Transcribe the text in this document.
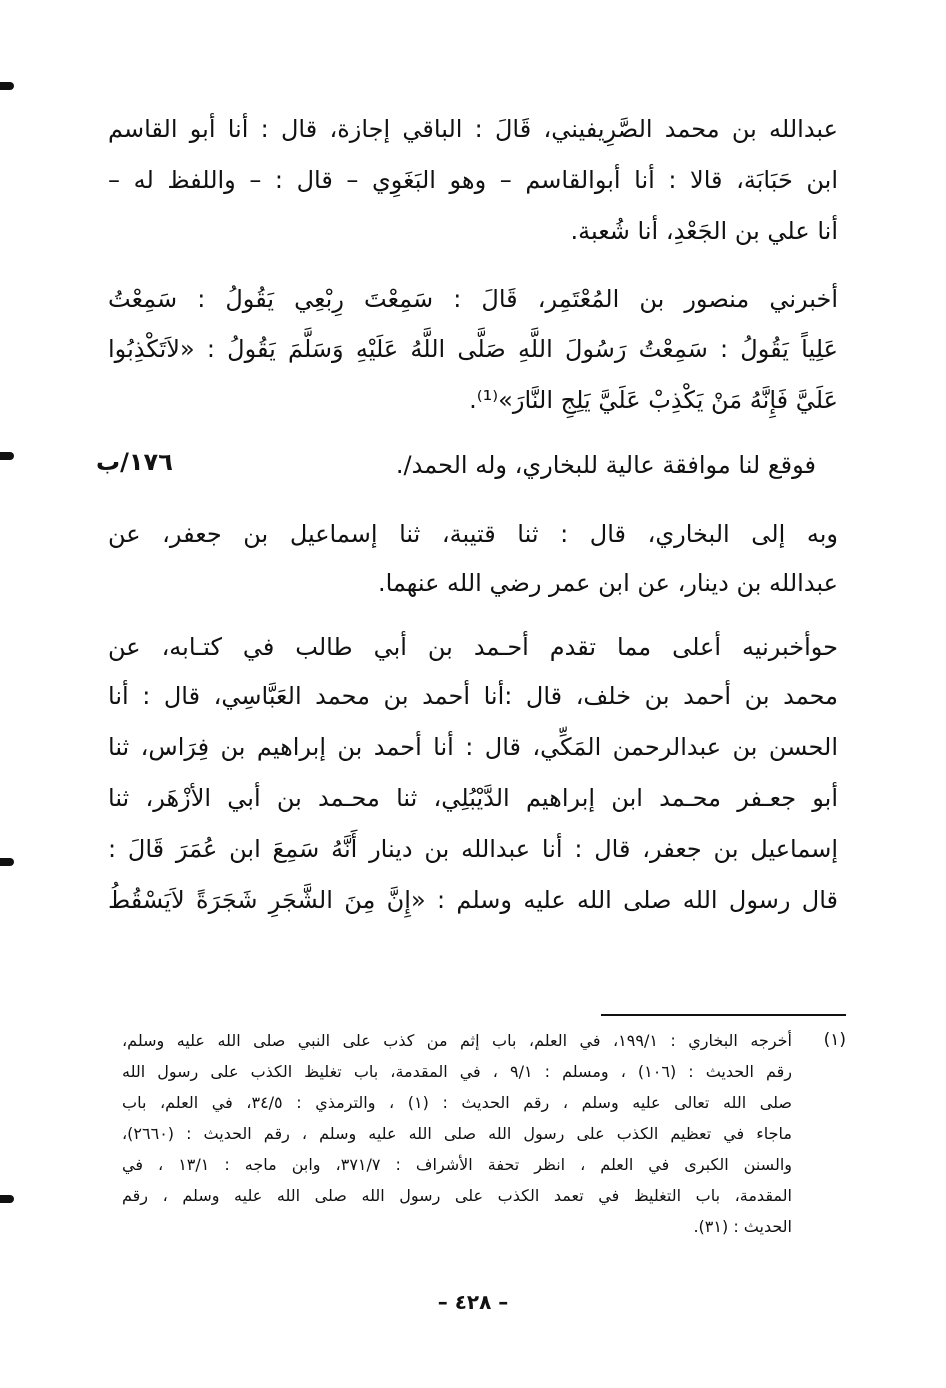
عبدالله بن محمد الصَّرِيفيني، قَالَ : الباقي إجازة، قال : أنا أبو القاسم
ابن حَبَابَة، قالا : أنا أبوالقاسم – وهو البَغَوِي – قال : – واللفظ له –
أنا علي بن الجَعْدِ، أنا شُعبة.
أخبرني منصور بن المُعْتَمِر، قَالَ : سَمِعْتَ رِبْعِي يَقُولُ : سَمِعْتُ
عَلِياً يَقُولُ : سَمِعْتُ رَسُولَ اللَّهِ صَلَّى اللَّهُ عَلَيْهِ وَسَلَّمَ يَقُولُ : «لاَتَكْذِبُوا
عَلَيَّ فَإِنَّهُ مَنْ يَكْذِبْ عَلَيَّ يَلِجِ النَّارَ»⁽¹⁾.
فوقع لنا موافقة عالية للبخاري، وله الحمد/.
١٧٦/ب
وبه إلى البخاري، قال : ثنا قتيبة، ثنا إسماعيل بن جعفر، عن
عبدالله بن دينار، عن ابن عمر رضي الله عنهما.
حوأخبرنيه أعلى مما تقدم أحـمد بن أبي طالب في كتـابه، عن
محمد بن أحمد بن خلف، قال :أنا أحمد بن محمد العَبَّاسِي، قال : أنا
الحسن بن عبدالرحمن المَكِّي، قال : أنا أحمد بن إبراهيم بن فِرَاس، ثنا
أبو جعـفر محـمد ابن إبراهيم الدَّيْبُلِي، ثنا محـمد بن أبي الأزْهَر، ثنا
إسماعيل بن جعفر، قال : أنا عبدالله بن دينار أَنَّهُ سَمِعَ ابن عُمَرَ قَالَ :
قال رسول الله صلى الله عليه وسلم : «إِنَّ مِنَ الشَّجَرِ شَجَرَةً لاَيَسْقُطُ
(١)
أخرجه البخاري : ١٩٩/١، في العلم، باب إثم من كذب على النبي صلى الله عليه وسلم،
رقم الحديث : (١٠٦) ، ومسلم : ٩/١ ، في المقدمة، باب تغليظ الكذب على رسول الله
صلى الله تعالى عليه وسلم ، رقم الحديث : (١) ، والترمذي : ٣٤/٥، في العلم، باب
ماجاء في تعظيم الكذب على رسول الله صلى الله عليه وسلم ، رقم الحديث : (٢٦٦٠)،
والسنن الكبرى في العلم ، انظر تحفة الأشراف : ٣٧١/٧، وابن ماجه : ١٣/١ ، في
المقدمة، باب التغليظ في تعمد الكذب على رسول الله صلى الله عليه وسلم ، رقم
الحديث : (٣١).
– ٤٢٨ –
